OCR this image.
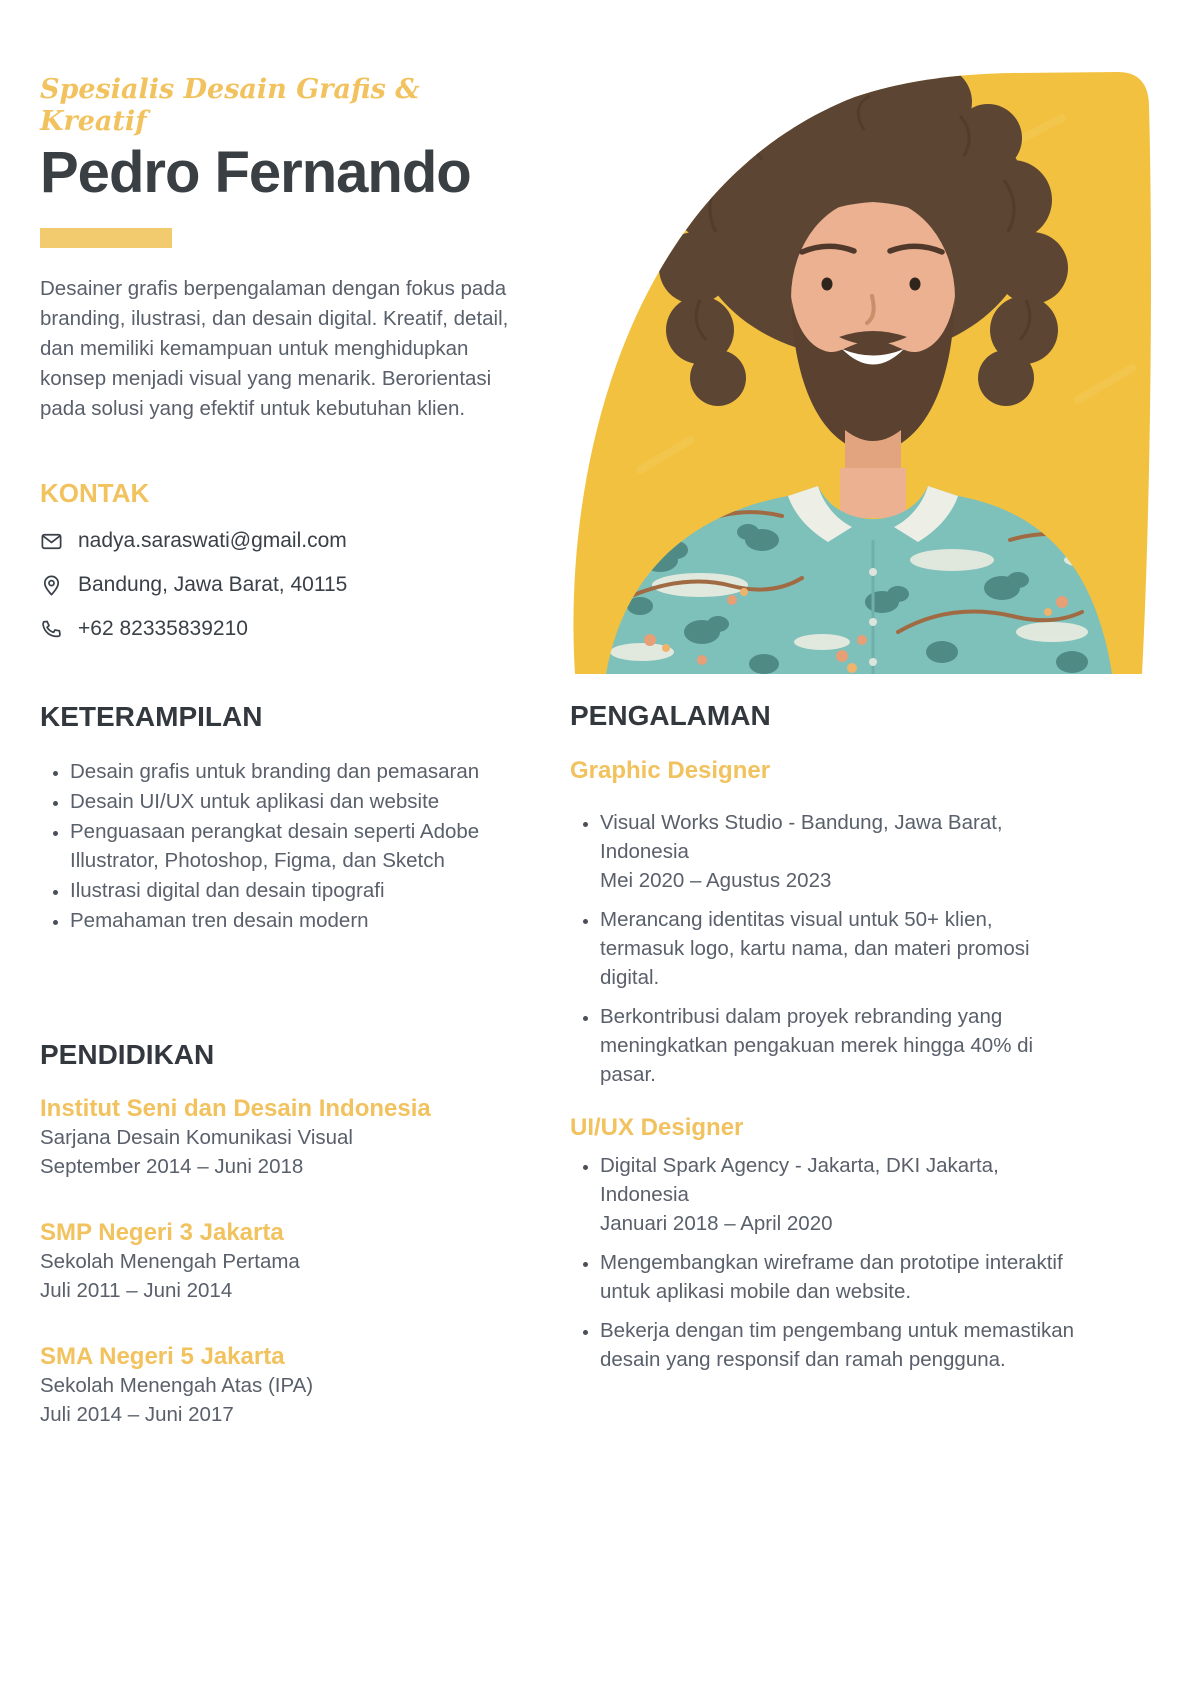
Spesialis Desain Grafis & Kreatif

Pedro Fernando

Desainer grafis berpengalaman dengan fokus pada branding, ilustrasi, dan desain digital. Kreatif, detail, dan memiliki kemampuan untuk menghidupkan konsep menjadi visual yang menarik. Berorientasi pada solusi yang efektif untuk kebutuhan klien.

KONTAK
nadya.saraswati@gmail.com
Bandung, Jawa Barat, 40115
+62 82335839210
KETERAMPILAN
• Desain grafis untuk branding dan pemasaran
• Desain UI/UX untuk aplikasi dan website
• Penguasaan perangkat desain seperti Adobe Illustrator, Photoshop, Figma, dan Sketch
• Ilustrasi digital dan desain tipografi
• Pemahaman tren desain modern
PENDIDIKAN
Institut Seni dan Desain Indonesia
Sarjana Desain Komunikasi Visual
September 2014 – Juni 2018
SMP Negeri 3 Jakarta
Sekolah Menengah Pertama
Juli 2011 – Juni 2014
SMA Negeri 5 Jakarta
Sekolah Menengah Atas (IPA)
Juli 2014 – Juni 2017
PENGALAMAN
Graphic Designer
• Visual Works Studio - Bandung, Jawa Barat, Indonesia
Mei 2020 – Agustus 2023
• Merancang identitas visual untuk 50+ klien, termasuk logo, kartu nama, dan materi promosi digital.
• Berkontribusi dalam proyek rebranding yang meningkatkan pengakuan merek hingga 40% di pasar.
UI/UX Designer
• Digital Spark Agency - Jakarta, DKI Jakarta, Indonesia
Januari 2018 – April 2020
• Mengembangkan wireframe dan prototipe interaktif untuk aplikasi mobile dan website.
• Bekerja dengan tim pengembang untuk memastikan desain yang responsif dan ramah pengguna.
